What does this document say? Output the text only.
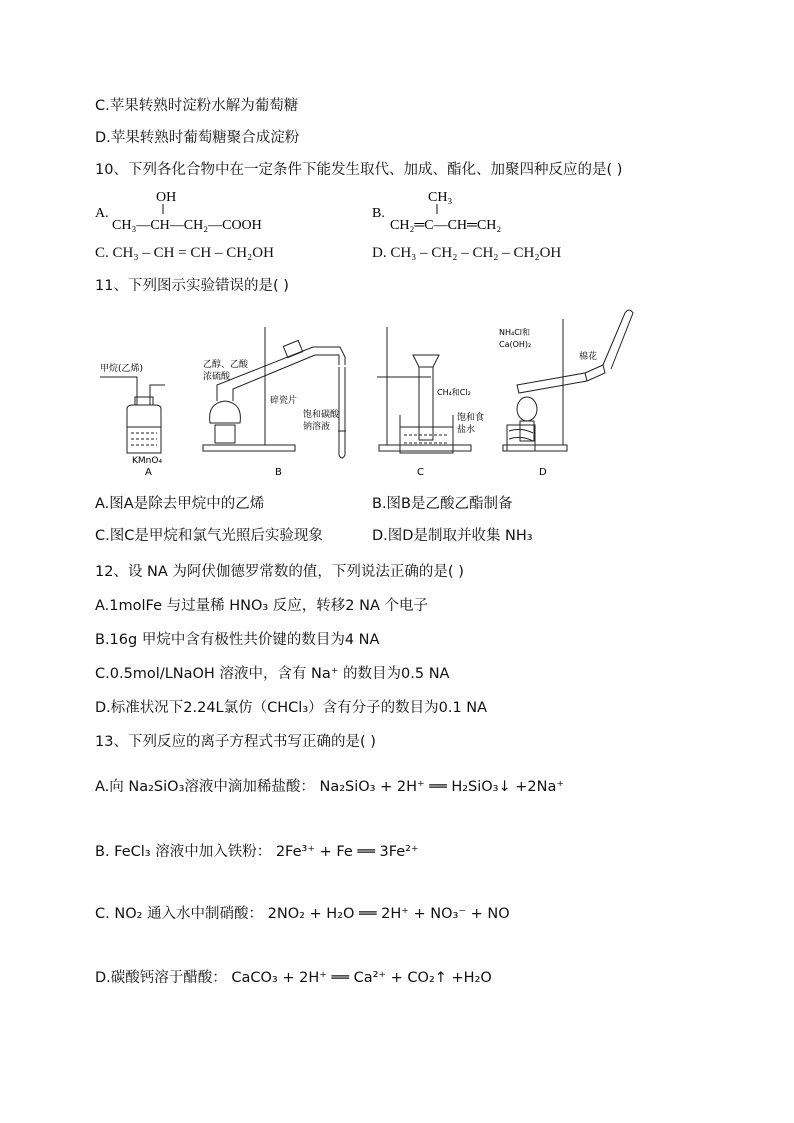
C.苹果转熟时淀粉水解为葡萄糖
D.苹果转熟时葡萄糖聚合成淀粉
10、下列各化合物中在一定条件下能发生取代、加成、酯化、加聚四种反应的是( )
A.
OH
CH₃—CH—CH₂—COOH
B.
CH₃
CH₂═C—CH═CH₂
C. CH₃ – CH = CH – CH₂OH	D. CH₃ – CH₂ – CH₂ – CH₂OH
11、下列图示实验错误的是( )
甲烷(乙烯)
KMnO₄
A
乙醇、乙酸
浓硫酸
碎瓷片
饱和碳酸
钠溶液
B
CH₄和Cl₂
饱和食
盐水
C
NH₄Cl和
Ca(OH)₂
棉花
D
A.图A是除去甲烷中的乙烯	B.图B是乙酸乙酯制备
C.图C是甲烷和氯气光照后实验现象	D.图D是制取并收集 NH₃
12、设 NA 为阿伏伽德罗常数的值，下列说法正确的是( )
A.1molFe 与过量稀 HNO₃ 反应，转移2 NA 个电子
B.16g 甲烷中含有极性共价键的数目为4 NA
C.0.5mol/LNaOH 溶液中，含有 Na⁺ 的数目为0.5 NA
D.标准状况下2.24L氯仿（CHCl₃）含有分子的数目为0.1 NA
13、下列反应的离子方程式书写正确的是( )
A.向 Na₂SiO₃溶液中滴加稀盐酸： Na₂SiO₃ + 2H⁺ ══ H₂SiO₃↓ +2Na⁺
B. FeCl₃ 溶液中加入铁粉： 2Fe³⁺ + Fe ══ 3Fe²⁺
C. NO₂ 通入水中制硝酸： 2NO₂ + H₂O ══ 2H⁺ + NO₃⁻ + NO
D.碳酸钙溶于醋酸： CaCO₃ + 2H⁺ ══ Ca²⁺ + CO₂↑ +H₂O
